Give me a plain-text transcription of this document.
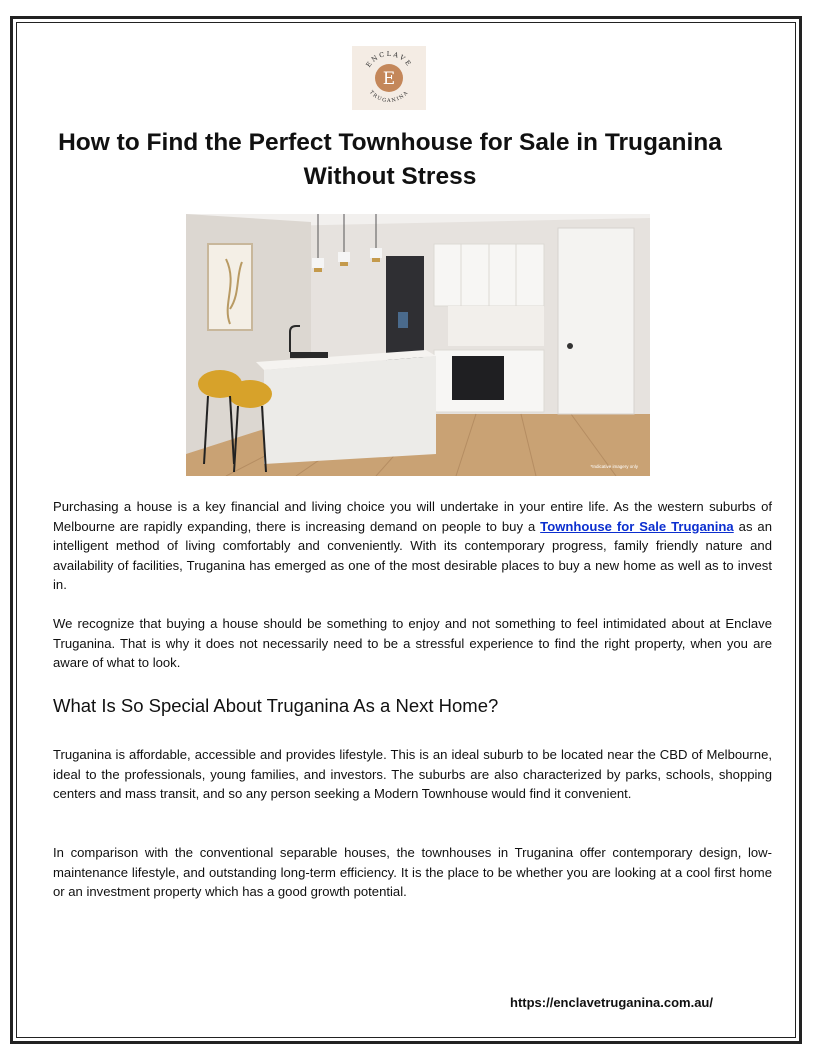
E
ENCLAVE
TRUGANINA
How to Find the Perfect Townhouse for Sale in Truganina
Without Stress
*Indicative imagery only

Purchasing a house is a key financial and living choice you will undertake in your entire life. As the western suburbs of Melbourne are rapidly expanding, there is increasing demand on people to buy a Townhouse for Sale Truganina as an intelligent method of living comfortably and conveniently. With its contemporary progress, family friendly nature and availability of facilities, Truganina has emerged as one of the most desirable places to buy a new home as well as to invest in.

We recognize that buying a house should be something to enjoy and not something to feel intimidated about at Enclave Truganina. That is why it does not necessarily need to be a stressful experience to find the right property, when you are aware of what to look.

What Is So Special About Truganina As a Next Home?

Truganina is affordable, accessible and provides lifestyle. This is an ideal suburb to be located near the CBD of Melbourne, ideal to the professionals, young families, and investors. The suburbs are also characterized by parks, schools, shopping centers and mass transit, and so any person seeking a Modern Townhouse would find it convenient.

In comparison with the conventional separable houses, the townhouses in Truganina offer contemporary design, low-maintenance lifestyle, and outstanding long-term efficiency. It is the place to be whether you are looking at a cool first home or an investment property which has a good growth potential.

https://enclavetruganina.com.au/
